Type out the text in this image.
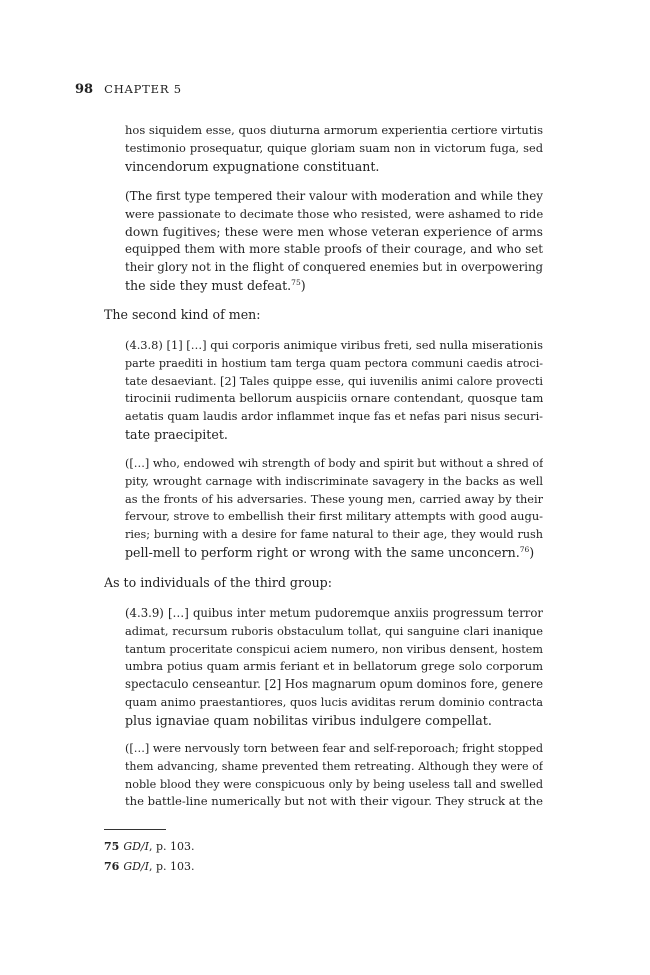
98 CHAPTER 5

hos siquidem esse, quos diuturna armorum experientia certiore virtutis
testimonio prosequatur, quique gloriam suam non in victorum fuga, sed
vincendorum expugnatione constituant.

(The first type tempered their valour with moderation and while they
were passionate to decimate those who resisted, were ashamed to ride
down fugitives; these were men whose veteran experience of arms
equipped them with more stable proofs of their courage, and who set
their glory not in the flight of conquered enemies but in overpowering
the side they must defeat.$^{75}$)

The second kind of men:

(4.3.8) [1] […] qui corporis animique viribus freti, sed nulla miserationis
parte praediti in hostium tam terga quam pectora communi caedis atroci-
tate desaeviant. [2] Tales quippe esse, qui iuvenilis animi calore provecti
tirocinii rudimenta bellorum auspiciis ornare contendant, quosque tam
aetatis quam laudis ardor inflammet inque fas et nefas pari nisus securi-
tate praecipitet.

([…] who, endowed wih strength of body and spirit but without a shred of
pity, wrought carnage with indiscriminate savagery in the backs as well
as the fronts of his adversaries. These young men, carried away by their
fervour, strove to embellish their first military attempts with good augu-
ries; burning with a desire for fame natural to their age, they would rush
pell-mell to perform right or wrong with the same unconcern.$^{76}$)

As to individuals of the third group:

(4.3.9) […] quibus inter metum pudoremque anxiis progressum terror
adimat, recursum ruboris obstaculum tollat, qui sanguine clari inanique
tantum proceritate conspicui aciem numero, non viribus densent, hostem
umbra potius quam armis feriant et in bellatorum grege solo corporum
spectaculo censeantur. [2] Hos magnarum opum dominos fore, genere
quam animo praestantiores, quos lucis aviditas rerum dominio contracta
plus ignaviae quam nobilitas viribus indulgere compellat.

([…] were nervously torn between fear and self-reporoach; fright stopped
them advancing, shame prevented them retreating. Although they were of
noble blood they were conspicuous only by being useless tall and swelled
the battle-line numerically but not with their vigour. They struck at the

75 GD/I, p. 103.
76 GD/I, p. 103.
